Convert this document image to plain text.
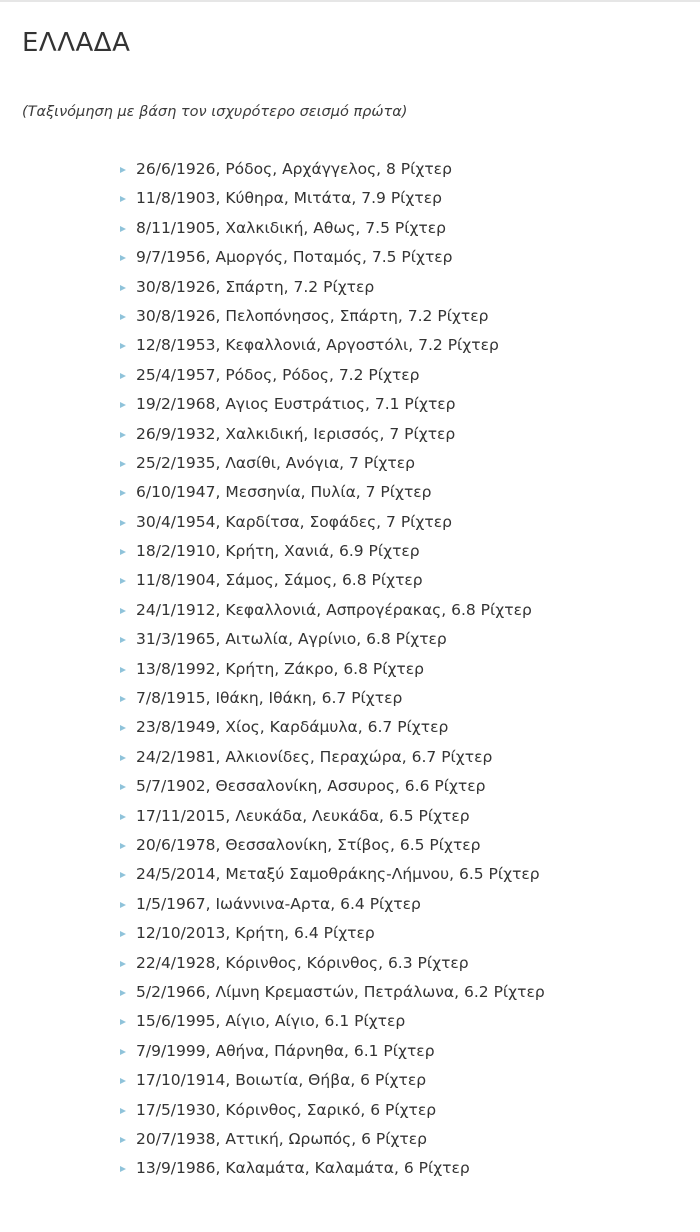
ΕΛΛΑΔΑ

(Ταξινόμηση με βάση τον ισχυρότερο σεισμό πρώτα)

26/6/1926, Ρόδος, Αρχάγγελος, 8 Ρίχτερ
11/8/1903, Κύθηρα, Μιτάτα, 7.9 Ρίχτερ
8/11/1905, Χαλκιδική, Αθως, 7.5 Ρίχτερ
9/7/1956, Αμοργός, Ποταμός, 7.5 Ρίχτερ
30/8/1926, Σπάρτη, 7.2 Ρίχτερ
30/8/1926, Πελοπόνησος, Σπάρτη, 7.2 Ρίχτερ
12/8/1953, Κεφαλλονιά, Αργοστόλι, 7.2 Ρίχτερ
25/4/1957, Ρόδος, Ρόδος, 7.2 Ρίχτερ
19/2/1968, Αγιος Ευστράτιος, 7.1 Ρίχτερ
26/9/1932, Χαλκιδική, Ιερισσός, 7 Ρίχτερ
25/2/1935, Λασίθι, Ανόγια, 7 Ρίχτερ
6/10/1947, Μεσσηνία, Πυλία, 7 Ρίχτερ
30/4/1954, Καρδίτσα, Σοφάδες, 7 Ρίχτερ
18/2/1910, Κρήτη, Χανιά, 6.9 Ρίχτερ
11/8/1904, Σάμος, Σάμος, 6.8 Ρίχτερ
24/1/1912, Κεφαλλονιά, Ασπρογέρακας, 6.8 Ρίχτερ
31/3/1965, Αιτωλία, Αγρίνιο, 6.8 Ρίχτερ
13/8/1992, Κρήτη, Ζάκρο, 6.8 Ρίχτερ
7/8/1915, Ιθάκη, Ιθάκη, 6.7 Ρίχτερ
23/8/1949, Χίος, Καρδάμυλα, 6.7 Ρίχτερ
24/2/1981, Αλκιονίδες, Περαχώρα, 6.7 Ρίχτερ
5/7/1902, Θεσσαλονίκη, Ασσυρος, 6.6 Ρίχτερ
17/11/2015, Λευκάδα, Λευκάδα, 6.5 Ρίχτερ
20/6/1978, Θεσσαλονίκη, Στίβος, 6.5 Ρίχτερ
24/5/2014, Μεταξύ Σαμοθράκης-Λήμνου, 6.5 Ρίχτερ
1/5/1967, Ιωάννινα-Αρτα, 6.4 Ρίχτερ
12/10/2013, Κρήτη, 6.4 Ρίχτερ
22/4/1928, Κόρινθος, Κόρινθος, 6.3 Ρίχτερ
5/2/1966, Λίμνη Κρεμαστών, Πετράλωνα, 6.2 Ρίχτερ
15/6/1995, Αίγιο, Αίγιο, 6.1 Ρίχτερ
7/9/1999, Αθήνα, Πάρνηθα, 6.1 Ρίχτερ
17/10/1914, Βοιωτία, Θήβα, 6 Ρίχτερ
17/5/1930, Κόρινθος, Σαρικό, 6 Ρίχτερ
20/7/1938, Αττική, Ωρωπός, 6 Ρίχτερ
13/9/1986, Καλαμάτα, Καλαμάτα, 6 Ρίχτερ
